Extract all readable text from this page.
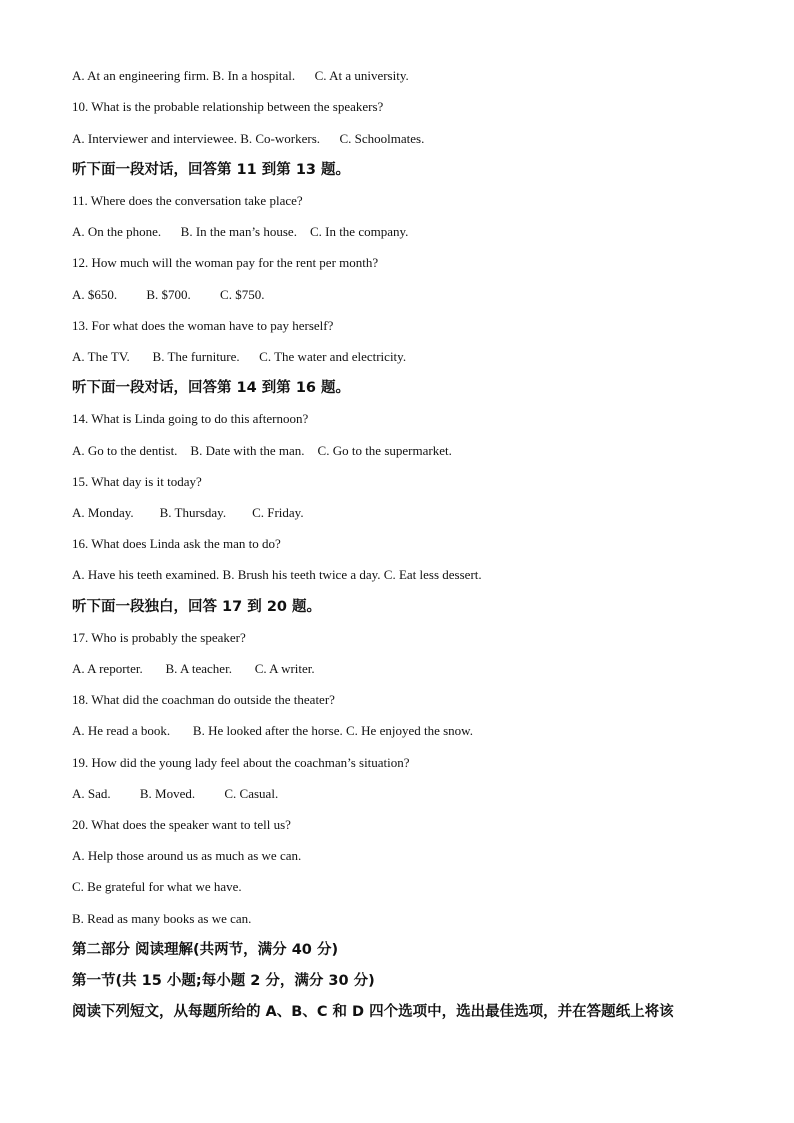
A. At an engineering firm. B. In a hospital.      C. At a university.
10. What is the probable relationship between the speakers?
A. Interviewer and interviewee. B. Co-workers.      C. Schoolmates.
听下面一段对话，回答第 11 到第 13 题。
11. Where does the conversation take place?
A. On the phone.      B. In the man’s house.    C. In the company.
12. How much will the woman pay for the rent per month?
A. $650.         B. $700.         C. $750.
13. For what does the woman have to pay herself?
A. The TV.       B. The furniture.      C. The water and electricity.
听下面一段对话，回答第 14 到第 16 题。
14. What is Linda going to do this afternoon?
A. Go to the dentist.    B. Date with the man.    C. Go to the supermarket.
15. What day is it today?
A. Monday.        B. Thursday.        C. Friday.
16. What does Linda ask the man to do?
A. Have his teeth examined. B. Brush his teeth twice a day. C. Eat less dessert.
听下面一段独白，回答 17 到 20 题。
17. Who is probably the speaker?
A. A reporter.       B. A teacher.       C. A writer.
18. What did the coachman do outside the theater?
A. He read a book.       B. He looked after the horse. C. He enjoyed the snow.
19. How did the young lady feel about the coachman’s situation?
A. Sad.         B. Moved.         C. Casual.
20. What does the speaker want to tell us?
A. Help those around us as much as we can.
C. Be grateful for what we have.
B. Read as many books as we can.
第二部分 阅读理解(共两节，满分 40 分)
第一节(共 15 小题;每小题 2 分，满分 30 分)
阅读下列短文，从每题所给的 A、B、C 和 D 四个选项中，选出最佳选项，并在答题纸上将该
